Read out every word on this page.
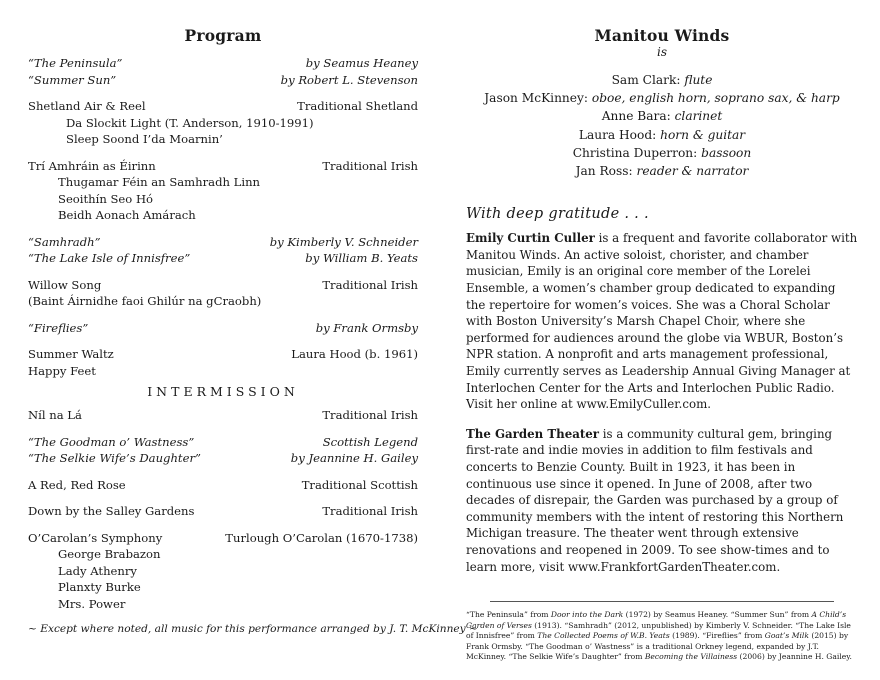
Program
“The Peninsula”	by Seamus Heaney
“Summer Sun”	by Robert L. Stevenson
Shetland Air & Reel	Traditional Shetland
Da Slockit Light (T. Anderson, 1910-1991)
Sleep Soond I’da Moarnin’
Trí Amhráin as Éirinn	Traditional Irish
Thugamar Féin an Samhradh Linn
Seoithín Seo Hó
Beidh Aonach Amárach
“Samhradh”	by Kimberly V. Schneider
“The Lake Isle of Innisfree”	by William B. Yeats
Willow Song	Traditional Irish
(Baint Áirnidhe faoi Ghilúr na gCraobh)
“Fireflies”	by Frank Ormsby
Summer Waltz	Laura Hood (b. 1961)
Happy Feet
INTERMISSION
Níl na Lá	Traditional Irish
“The Goodman o’ Wastness”	Scottish Legend
“The Selkie Wife’s Daughter”	by Jeannine H. Gailey
A Red, Red Rose	Traditional Scottish
Down by the Salley Gardens	Traditional Irish
O’Carolan’s Symphony	Turlough O’Carolan (1670-1738)
George Brabazon
Lady Athenry
Planxty Burke
Mrs. Power
~ Except where noted, all music for this performance arranged by J. T. McKinney ~
Manitou Winds
is
Sam Clark: flute
Jason McKinney: oboe, english horn, soprano sax, & harp
Anne Bara: clarinet
Laura Hood: horn & guitar
Christina Duperron: bassoon
Jan Ross: reader & narrator
With deep gratitude . . .

Emily Curtin Culler is a frequent and favorite collaborator with Manitou Winds. An active soloist, chorister, and chamber musician, Emily is an original core member of the Lorelei Ensemble, a women’s chamber group dedicated to expanding the repertoire for women’s voices. She was a Choral Scholar with Boston University’s Marsh Chapel Choir, where she performed for audiences around the globe via WBUR, Boston’s NPR station. A nonprofit and arts management professional, Emily currently serves as Leadership Annual Giving Manager at Interlochen Center for the Arts and Interlochen Public Radio. Visit her online at www.EmilyCuller.com.

The Garden Theater is a community cultural gem, bringing first-rate and indie movies in addition to film festivals and concerts to Benzie County. Built in 1923, it has been in continuous use since it opened. In June of 2008, after two decades of disrepair, the Garden was purchased by a group of community members with the intent of restoring this Northern Michigan treasure. The theater went through extensive renovations and reopened in 2009. To see show-times and to learn more, visit www.FrankfortGardenTheater.com.

“The Peninsula” from Door into the Dark (1972) by Seamus Heaney. “Summer Sun” from A Child’s Garden of Verses (1913). “Samhradh” (2012, unpublished) by Kimberly V. Schneider. “The Lake Isle of Innisfree” from The Collected Poems of W.B. Yeats (1989). “Fireflies” from Goat’s Milk (2015) by Frank Ormsby. “The Goodman o’ Wastness” is a traditional Orkney legend, expanded by J.T. McKinney. “The Selkie Wife’s Daughter” from Becoming the Villainess (2006) by Jeannine H. Gailey.
